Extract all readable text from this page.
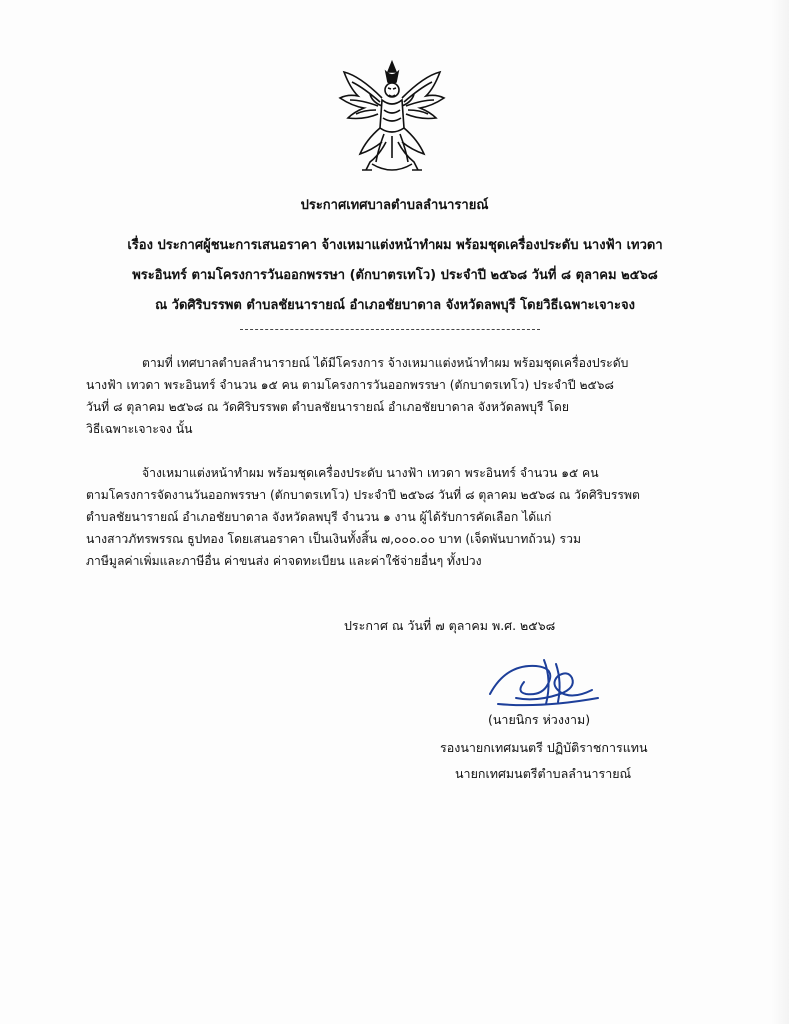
ประกาศเทศบาลตำบลลำนารายณ์
เรื่อง ประกาศผู้ชนะการเสนอราคา จ้างเหมาแต่งหน้าทำผม พร้อมชุดเครื่องประดับ นางฟ้า เทวดา
พระอินทร์ ตามโครงการวันออกพรรษา (ตักบาตรเทโว) ประจำปี ๒๕๖๘ วันที่ ๘ ตุลาคม ๒๕๖๘
ณ วัดศิริบรรพต ตำบลชัยนารายณ์ อำเภอชัยบาดาล จังหวัดลพบุรี โดยวิธีเฉพาะเจาะจง
ตามที่ เทศบาลตำบลลำนารายณ์ ได้มีโครงการ จ้างเหมาแต่งหน้าทำผม พร้อมชุดเครื่องประดับ
นางฟ้า เทวดา พระอินทร์ จำนวน ๑๕ คน ตามโครงการวันออกพรรษา (ตักบาตรเทโว) ประจำปี ๒๕๖๘
วันที่ ๘ ตุลาคม ๒๕๖๘ ณ วัดศิริบรรพต ตำบลชัยนารายณ์ อำเภอชัยบาดาล จังหวัดลพบุรี โดย
วิธีเฉพาะเจาะจง นั้น
จ้างเหมาแต่งหน้าทำผม พร้อมชุดเครื่องประดับ นางฟ้า เทวดา พระอินทร์ จำนวน ๑๕ คน
ตามโครงการจัดงานวันออกพรรษา (ตักบาตรเทโว) ประจำปี ๒๕๖๘ วันที่ ๘ ตุลาคม ๒๕๖๘ ณ วัดศิริบรรพต
ตำบลชัยนารายณ์ อำเภอชัยบาดาล จังหวัดลพบุรี จำนวน ๑ งาน ผู้ได้รับการคัดเลือก ได้แก่
นางสาวภัทรพรรณ ธูปทอง โดยเสนอราคา เป็นเงินทั้งสิ้น ๗,๐๐๐.๐๐ บาท (เจ็ดพันบาทถ้วน) รวม
ภาษีมูลค่าเพิ่มและภาษีอื่น ค่าขนส่ง ค่าจดทะเบียน และค่าใช้จ่ายอื่นๆ ทั้งปวง
ประกาศ ณ วันที่ ๗ ตุลาคม พ.ศ. ๒๕๖๘
(นายนิกร ห่วงงาม)
รองนายกเทศมนตรี ปฏิบัติราชการแทน
นายกเทศมนตรีตำบลลำนารายณ์
